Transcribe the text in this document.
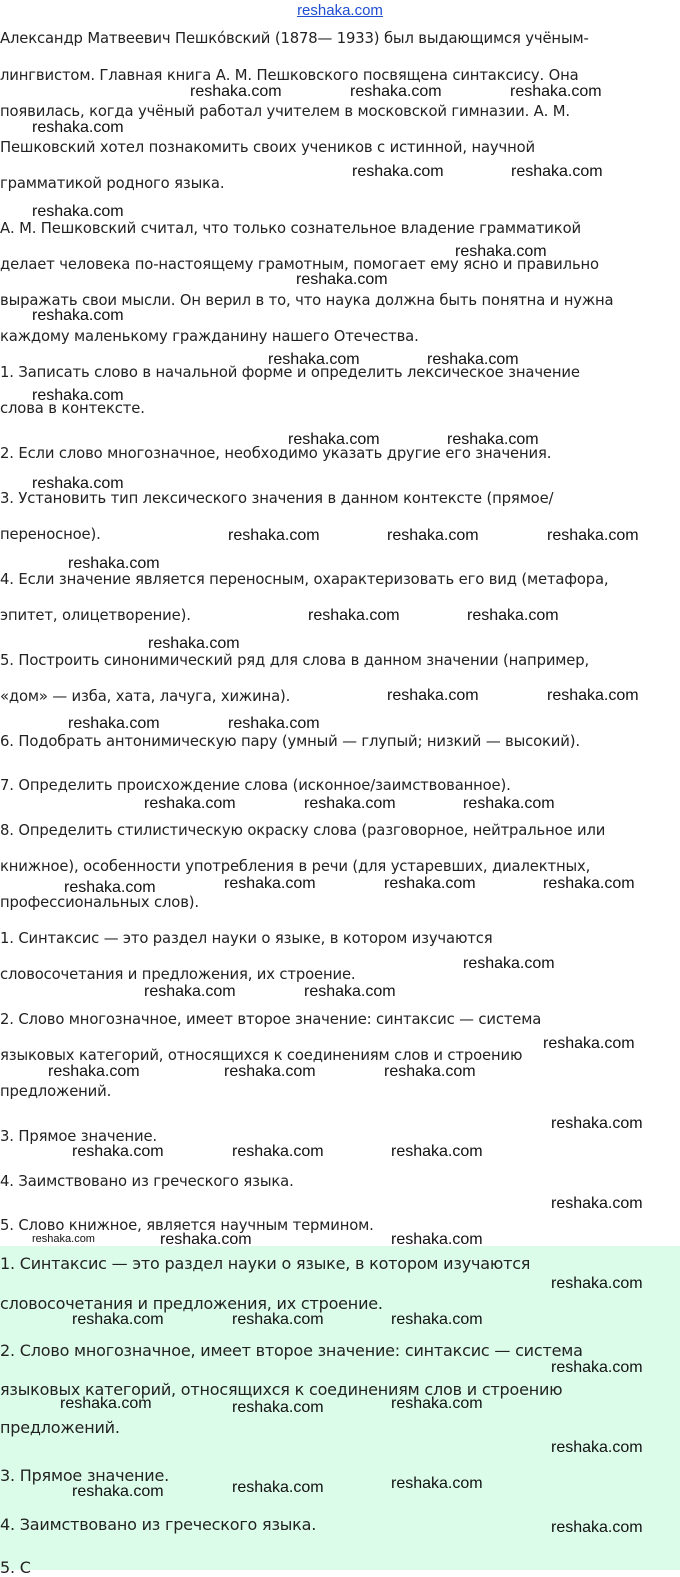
reshaka.com
Александр Матвеевич Пешко́вский (1878— 1933) был выдающимся учёным-
лингвистом. Главная книга А. М. Пешковского посвящена синтаксису. Она
появилась, когда учёный работал учителем в московской гимназии. А. М.
Пешковский хотел познакомить своих учеников с истинной, научной
грамматикой родного языка.
А. М. Пешковский считал, что только сознательное владение грамматикой
делает человека по-настоящему грамотным, помогает ему ясно и правильно
выражать свои мысли. Он верил в то, что наука должна быть понятна и нужна
каждому маленькому гражданину нашего Отечества.
1. Записать слово в начальной форме и определить лексическое значение
слова в контексте.
2. Если слово многозначное, необходимо указать другие его значения.
3. Установить тип лексического значения в данном контексте (прямое/
переносное).
4. Если значение является переносным, охарактеризовать его вид (метафора,
эпитет, олицетворение).
5. Построить синонимический ряд для слова в данном значении (например,
«дом» — изба, хата, лачуга, хижина).
6. Подобрать антонимическую пару (умный — глупый; низкий — высокий).
7. Определить происхождение слова (исконное/заимствованное).
8. Определить стилистическую окраску слова (разговорное, нейтральное или
книжное), особенности употребления в речи (для устаревших, диалектных,
профессиональных слов).
1. Синтаксис — это раздел науки о языке, в котором изучаются
словосочетания и предложения, их строение.
2. Слово многозначное, имеет второе значение: синтаксис — система
языковых категорий, относящихся к соединениям слов и строению
предложений.
3. Прямое значение.
4. Заимствовано из греческого языка.
5. Слово книжное, является научным термином.
1. Синтаксис — это раздел науки о языке, в котором изучаются
словосочетания и предложения, их строение.
2. Слово многозначное, имеет второе значение: синтаксис — система
языковых категорий, относящихся к соединениям слов и строению
предложений.
3. Прямое значение.
4. Заимствовано из греческого языка.
5. С
reshaka.com	reshaka.com	reshaka.com
reshaka.com
reshaka.com	reshaka.com
reshaka.com
reshaka.com
reshaka.com
reshaka.com
reshaka.com	reshaka.com
reshaka.com
reshaka.com	reshaka.com
reshaka.com
reshaka.com	reshaka.com	reshaka.com
reshaka.com
reshaka.com	reshaka.com
reshaka.com
reshaka.com	reshaka.com
reshaka.com	reshaka.com
reshaka.com	reshaka.com	reshaka.com
reshaka.com	reshaka.com	reshaka.com
reshaka.com
reshaka.com
reshaka.com	reshaka.com
reshaka.com
reshaka.com	reshaka.com	reshaka.com
reshaka.com
reshaka.com	reshaka.com	reshaka.com
reshaka.com
reshaka.com	reshaka.com	reshaka.com
reshaka.com
reshaka.com	reshaka.com	reshaka.com
reshaka.com
reshaka.com	reshaka.com	reshaka.com
reshaka.com
reshaka.com	reshaka.com	reshaka.com
reshaka.com
